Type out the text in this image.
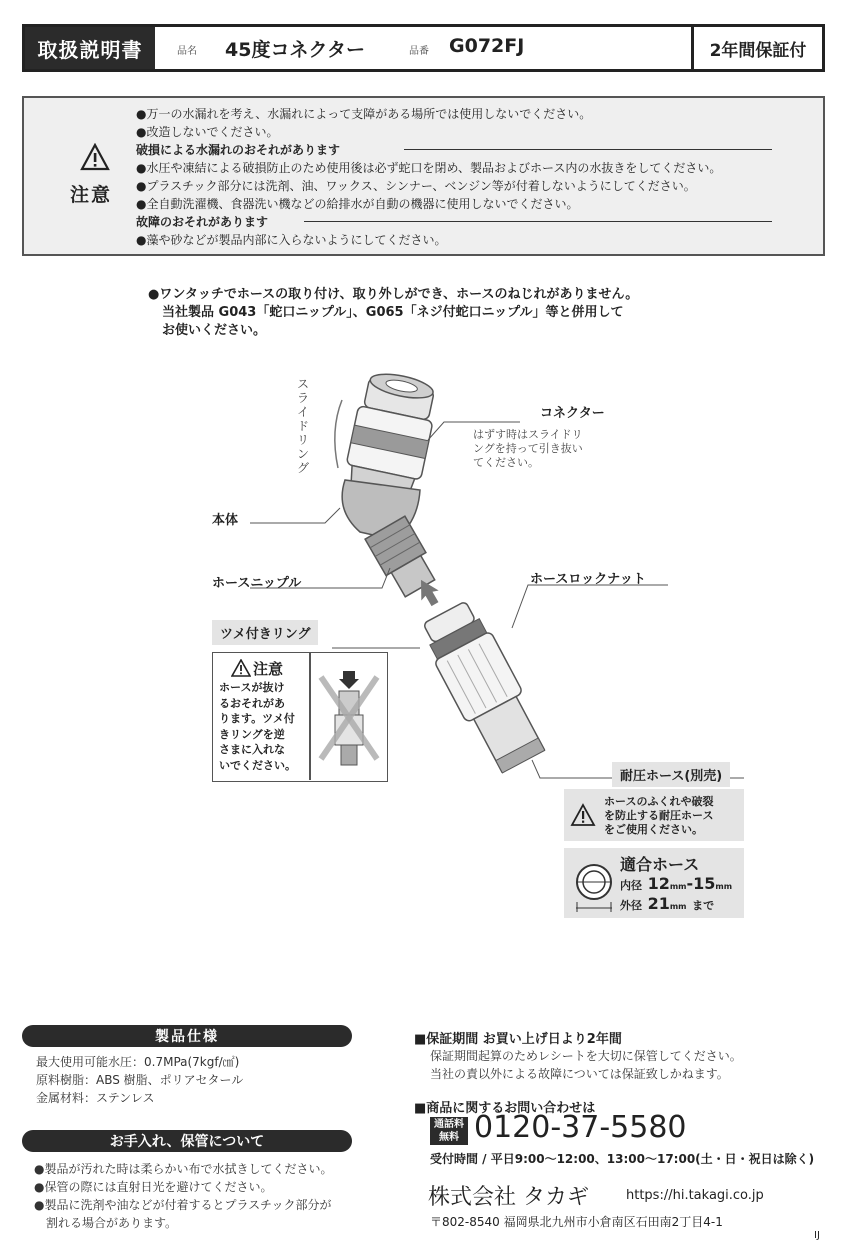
取扱説明書	品名 45度コネクター	品番 G072FJ	2年間保証付
注意
●万一の水漏れを考え、水漏れによって支障がある場所では使用しないでください。
●改造しないでください。
破損による水漏れのおそれがあります
●水圧や凍結による破損防止のため使用後は必ず蛇口を閉め、製品およびホース内の水抜きをしてください。
●プラスチック部分には洗剤、油、ワックス、シンナー、ベンジン等が付着しないようにしてください。
●全自動洗濯機、食器洗い機などの給排水が自動の機器に使用しないでください。
故障のおそれがあります
●藻や砂などが製品内部に入らないようにしてください。
●ワンタッチでホースの取り付け、取り外しができ、ホースのねじれがありません。
当社製品 G043「蛇口ニップル」、G065「ネジ付蛇口ニップル」等と併用して
お使いください。
スライドリング
コネクター
はずす時はスライドリ
ングを持って引き抜い
てください。
本体
ホースニップル	ホースロックナット
ツメ付きリング
注意
ホースが抜け
るおそれがあ
ります。ツメ付
きリングを逆
さまに入れな
いでください。
耐圧ホース(別売)
ホースのふくれや破裂
を防止する耐圧ホース
をご使用ください。
適合ホース
内径 12mm-15mm
外径 21mm まで
製品仕様
最大使用可能水圧：0.7MPa(7kgf/㎠)
原料樹脂：ABS 樹脂、ポリアセタール
金属材料：ステンレス
お手入れ、保管について
●製品が汚れた時は柔らかい布で水拭きしてください。
●保管の際には直射日光を避けてください。
●製品に洗剤や油などが付着するとプラスチック部分が
割れる場合があります。
■保証期間 お買い上げ日より2年間
保証期間起算のためレシートを大切に保管してください。
当社の責以外による故障については保証致しかねます。
■商品に関するお問い合わせは
通話料
無料 0120-37-5580
受付時間 / 平日9:00～12:00、13:00～17:00(土・日・祝日は除く)
株式会社 タカギ	https://hi.takagi.co.jp
〒802-8540 福岡県北九州市小倉南区石田南2丁目4-1
IJ
